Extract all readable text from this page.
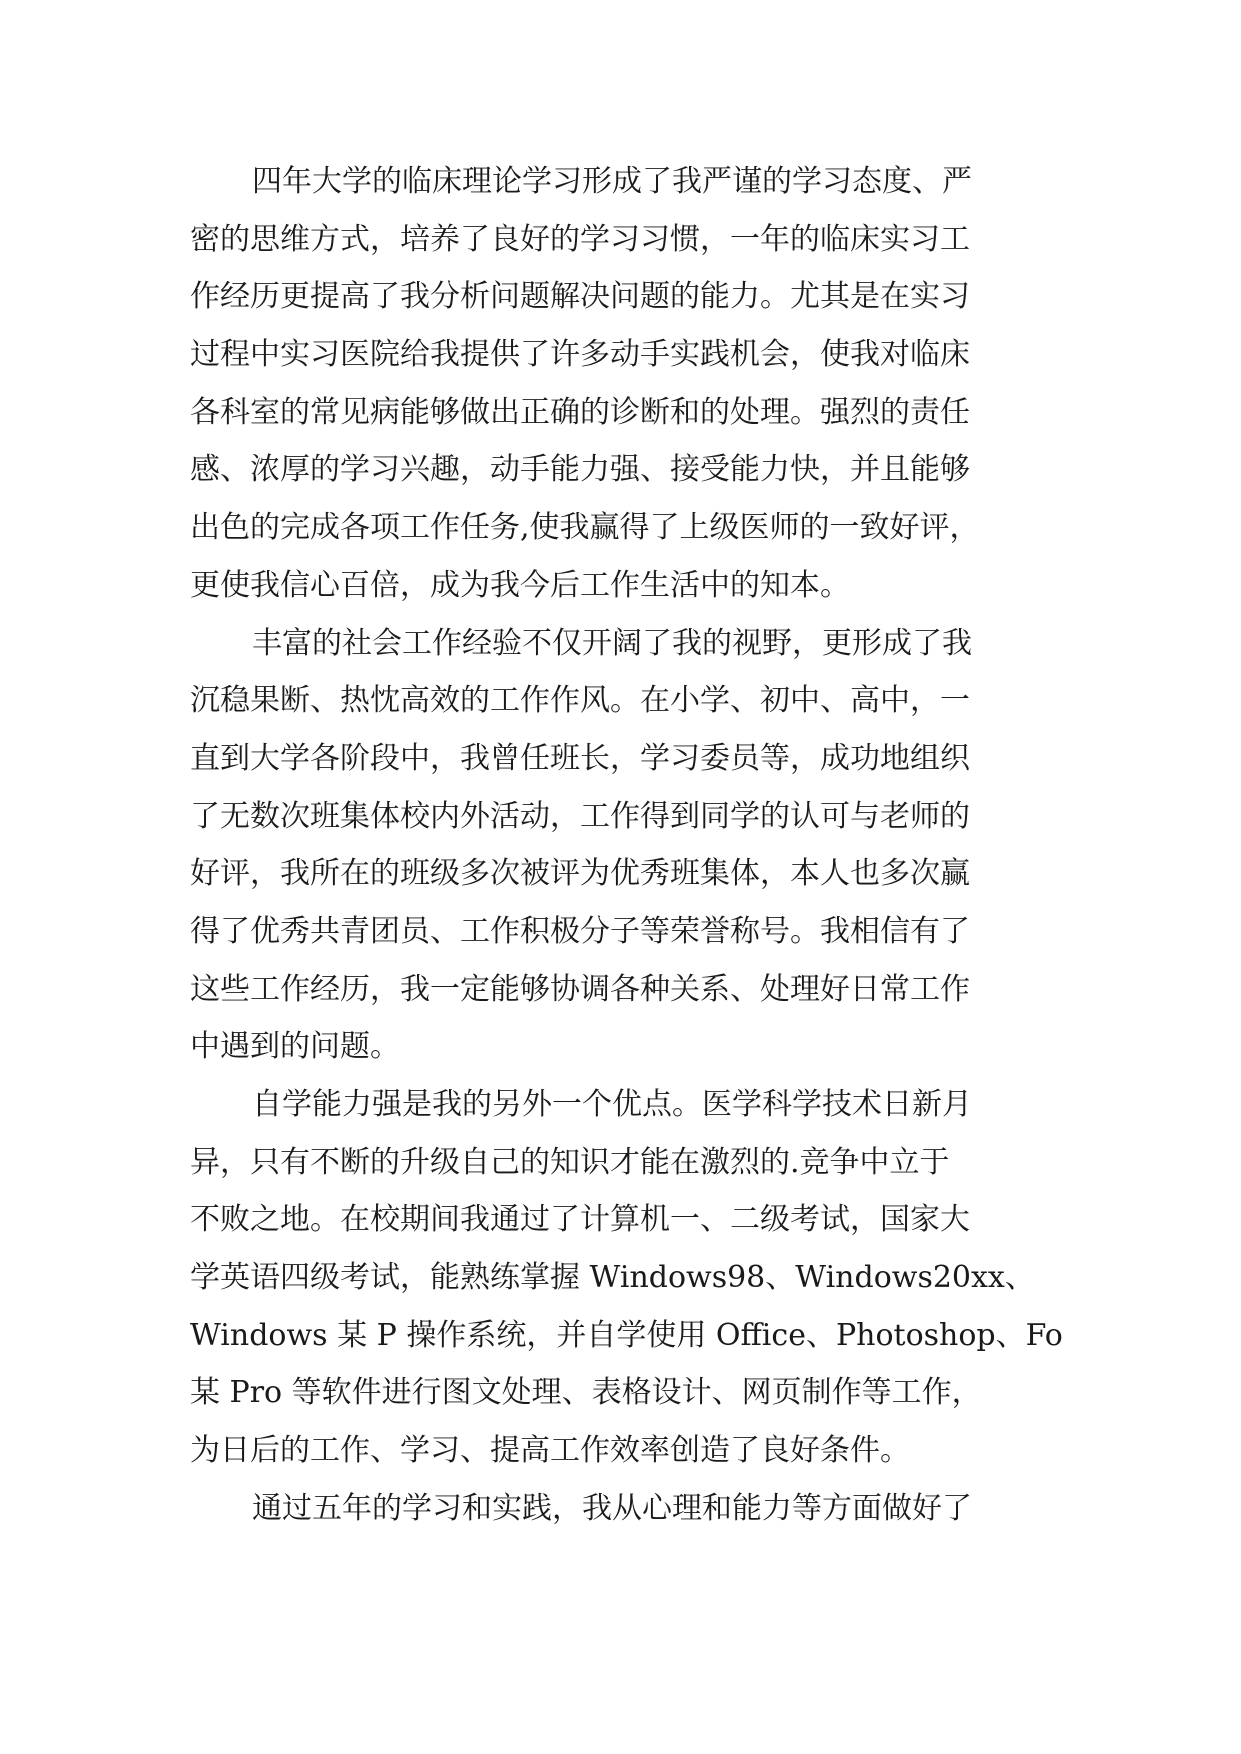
四年大学的临床理论学习形成了我严谨的学习态度、严
密的思维方式，培养了良好的学习习惯，一年的临床实习工
作经历更提高了我分析问题解决问题的能力。尤其是在实习
过程中实习医院给我提供了许多动手实践机会，使我对临床
各科室的常见病能够做出正确的诊断和的处理。强烈的责任
感、浓厚的学习兴趣，动手能力强、接受能力快，并且能够
出色的完成各项工作任务,使我赢得了上级医师的一致好评，
更使我信心百倍，成为我今后工作生活中的知本。
丰富的社会工作经验不仅开阔了我的视野，更形成了我
沉稳果断、热忱高效的工作作风。在小学、初中、高中，一
直到大学各阶段中，我曾任班长，学习委员等，成功地组织
了无数次班集体校内外活动，工作得到同学的认可与老师的
好评，我所在的班级多次被评为优秀班集体，本人也多次赢
得了优秀共青团员、工作积极分子等荣誉称号。我相信有了
这些工作经历，我一定能够协调各种关系、处理好日常工作
中遇到的问题。
自学能力强是我的另外一个优点。医学科学技术日新月
异，只有不断的升级自己的知识才能在激烈的.竞争中立于
不败之地。在校期间我通过了计算机一、二级考试，国家大
学英语四级考试，能熟练掌握 Windows98、Windows20xx、
Windows 某 P 操作系统，并自学使用 Office、Photoshop、Fo
某 Pro 等软件进行图文处理、表格设计、网页制作等工作，
为日后的工作、学习、提高工作效率创造了良好条件。
通过五年的学习和实践，我从心理和能力等方面做好了
